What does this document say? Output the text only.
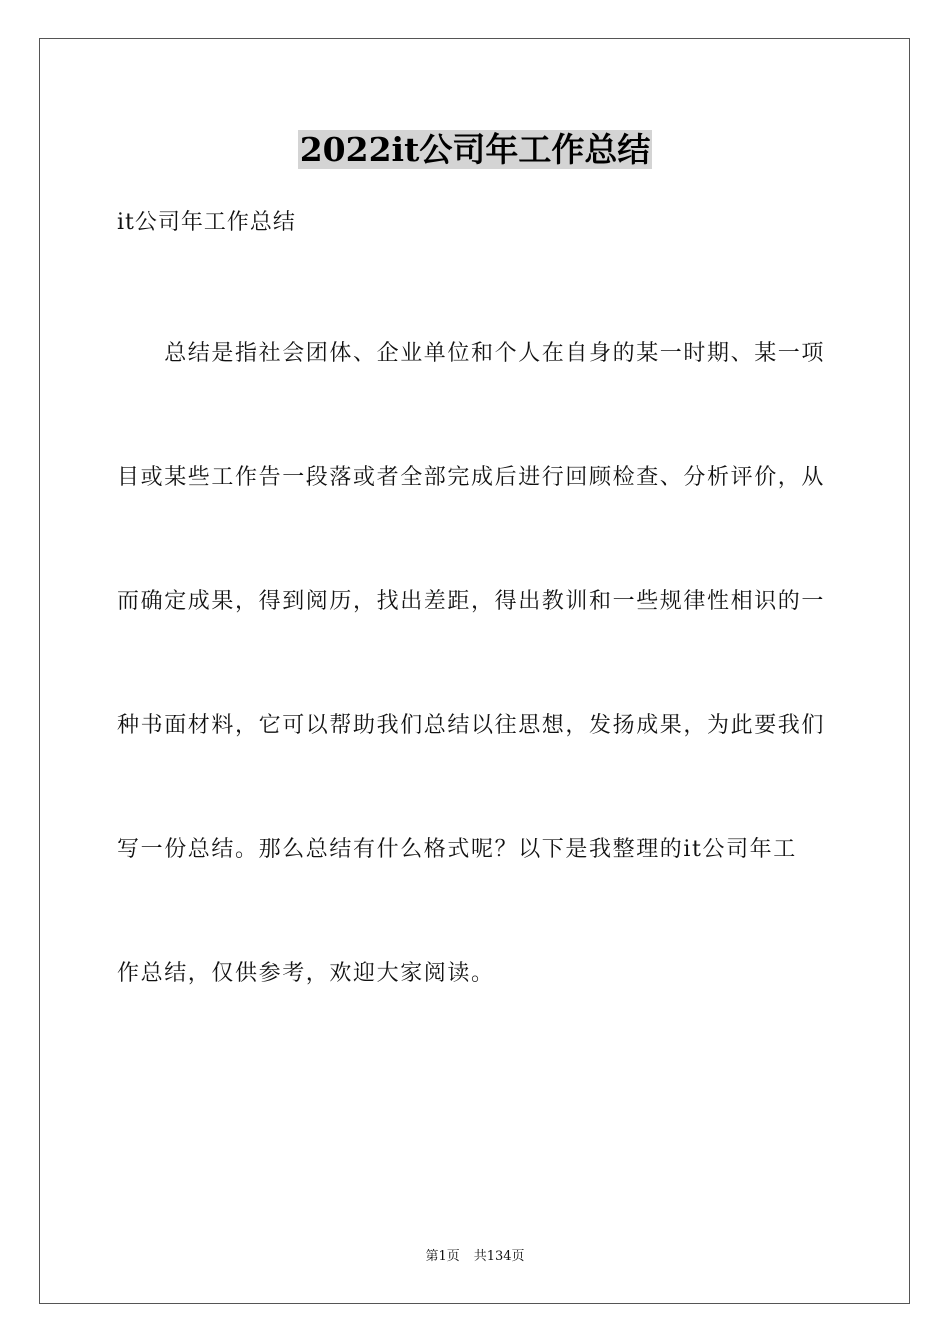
2022it公司年工作总结
it公司年工作总结
　　总结是指社会团体、企业单位和个人在自身的某一时期、某一项
目或某些工作告一段落或者全部完成后进行回顾检查、分析评价，从
而确定成果，得到阅历，找出差距，得出教训和一些规律性相识的一
种书面材料，它可以帮助我们总结以往思想，发扬成果，为此要我们
写一份总结。那么总结有什么格式呢？以下是我整理的it公司年工
作总结，仅供参考，欢迎大家阅读。
第1页 共134页
